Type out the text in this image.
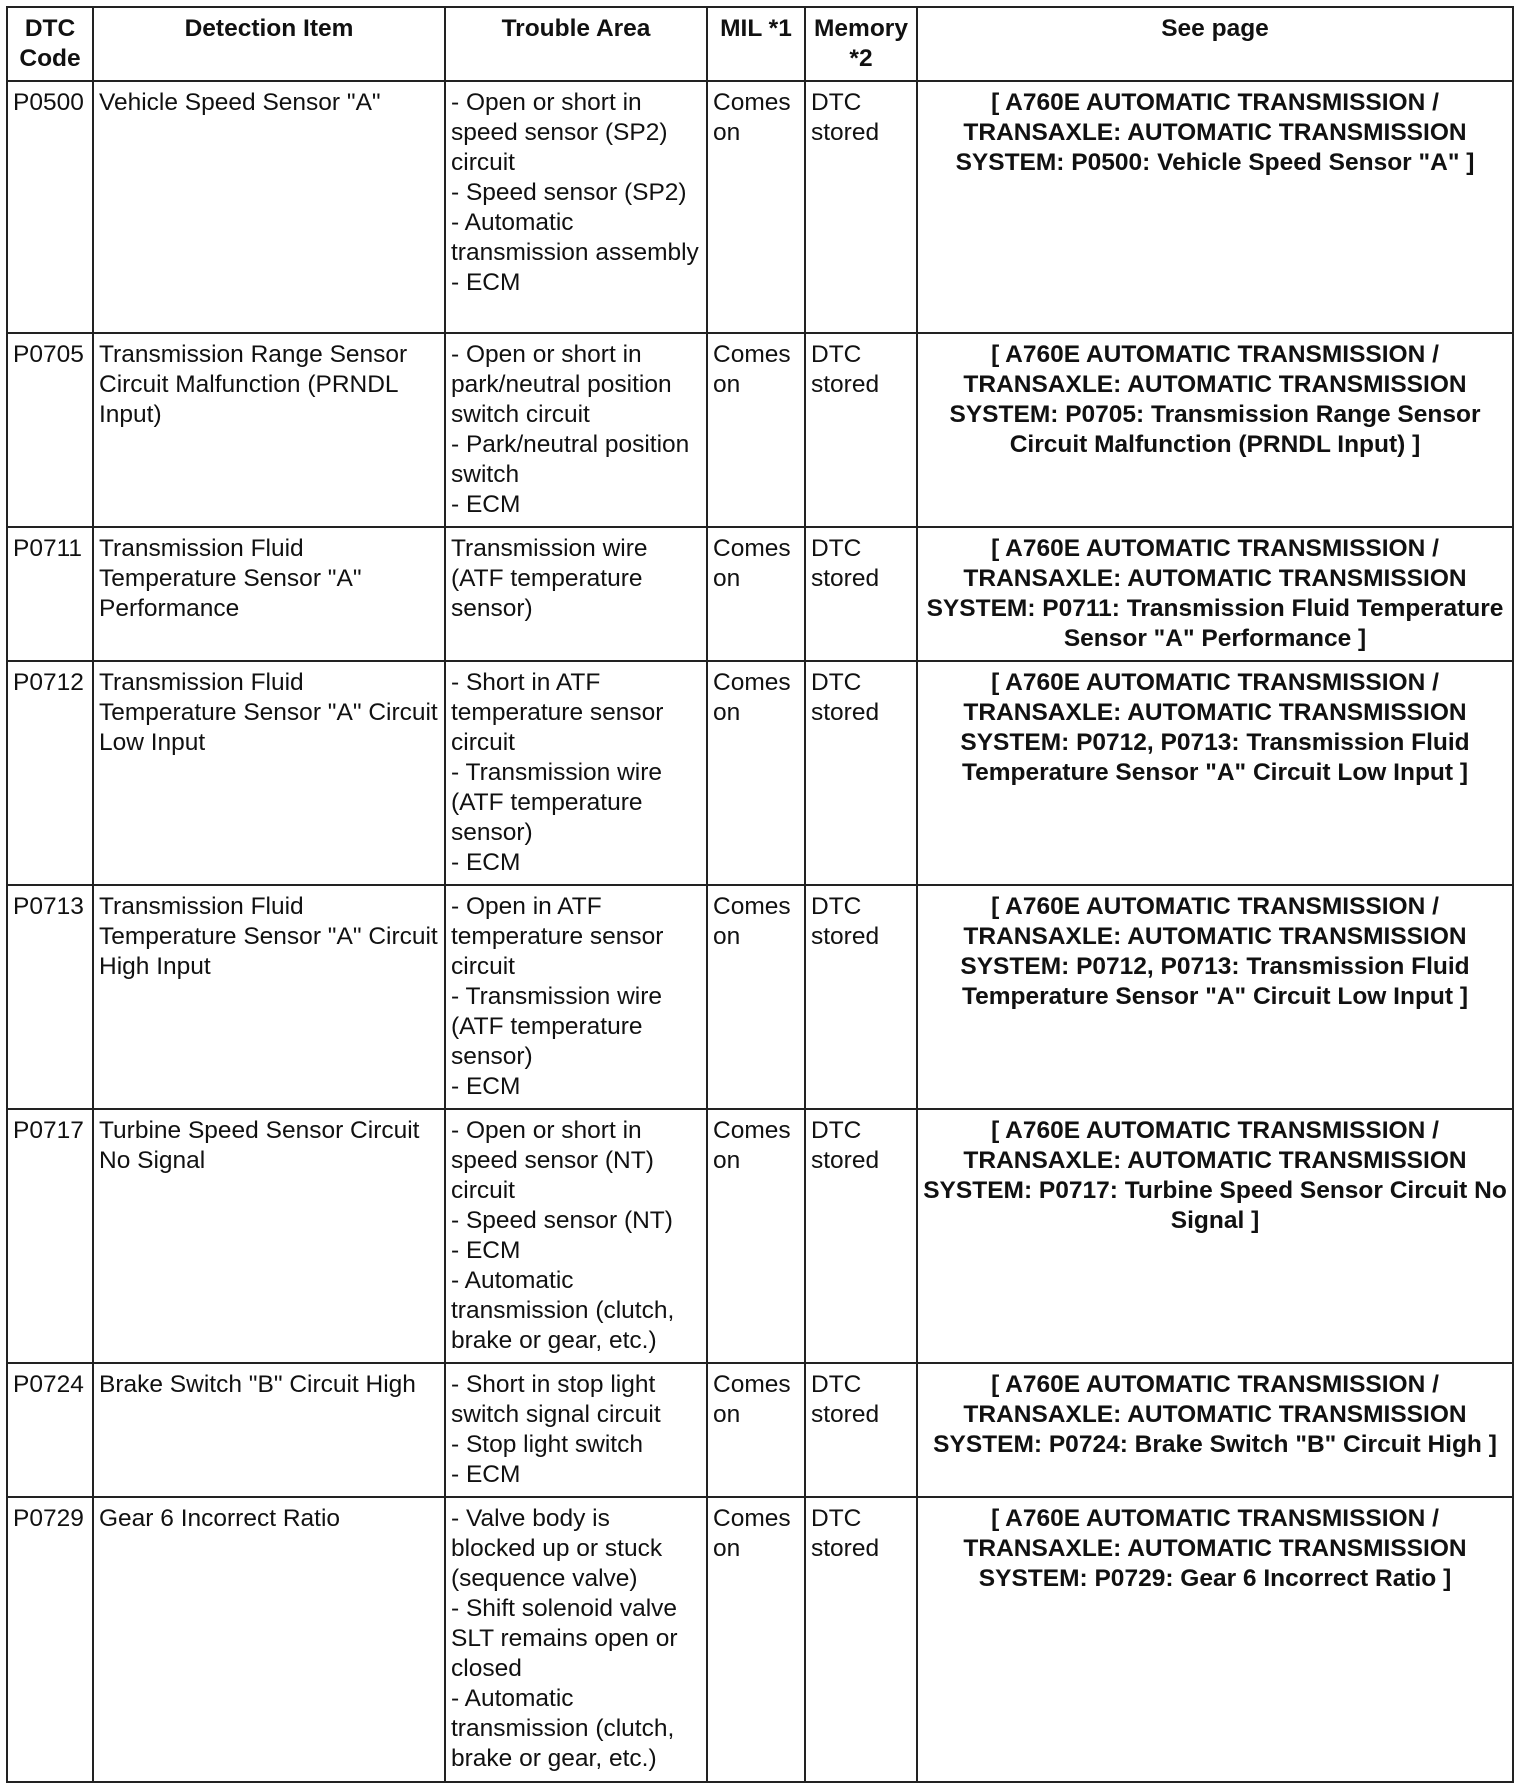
DTC Code	Detection Item	Trouble Area	MIL *1	Memory *2	See page
P0500	Vehicle Speed Sensor "A"	- Open or short in speed sensor (SP2) circuit
- Speed sensor (SP2)
- Automatic transmission assembly
- ECM	Comes on	DTC stored	[ A760E AUTOMATIC TRANSMISSION / TRANSAXLE: AUTOMATIC TRANSMISSION SYSTEM: P0500: Vehicle Speed Sensor "A" ]
P0705	Transmission Range Sensor Circuit Malfunction (PRNDL Input)	- Open or short in park/neutral position switch circuit
- Park/neutral position switch
- ECM	Comes on	DTC stored	[ A760E AUTOMATIC TRANSMISSION / TRANSAXLE: AUTOMATIC TRANSMISSION SYSTEM: P0705: Transmission Range Sensor Circuit Malfunction (PRNDL Input) ]
P0711	Transmission Fluid Temperature Sensor "A" Performance	Transmission wire (ATF temperature sensor)	Comes on	DTC stored	[ A760E AUTOMATIC TRANSMISSION / TRANSAXLE: AUTOMATIC TRANSMISSION SYSTEM: P0711: Transmission Fluid Temperature Sensor "A" Performance ]
P0712	Transmission Fluid Temperature Sensor "A" Circuit Low Input	- Short in ATF temperature sensor circuit
- Transmission wire (ATF temperature sensor)
- ECM	Comes on	DTC stored	[ A760E AUTOMATIC TRANSMISSION / TRANSAXLE: AUTOMATIC TRANSMISSION SYSTEM: P0712, P0713: Transmission Fluid Temperature Sensor "A" Circuit Low Input ]
P0713	Transmission Fluid Temperature Sensor "A" Circuit High Input	- Open in ATF temperature sensor circuit
- Transmission wire (ATF temperature sensor)
- ECM	Comes on	DTC stored	[ A760E AUTOMATIC TRANSMISSION / TRANSAXLE: AUTOMATIC TRANSMISSION SYSTEM: P0712, P0713: Transmission Fluid Temperature Sensor "A" Circuit Low Input ]
P0717	Turbine Speed Sensor Circuit No Signal	- Open or short in speed sensor (NT) circuit
- Speed sensor (NT)
- ECM
- Automatic transmission (clutch, brake or gear, etc.)	Comes on	DTC stored	[ A760E AUTOMATIC TRANSMISSION / TRANSAXLE: AUTOMATIC TRANSMISSION SYSTEM: P0717: Turbine Speed Sensor Circuit No Signal ]
P0724	Brake Switch "B" Circuit High	- Short in stop light switch signal circuit
- Stop light switch
- ECM	Comes on	DTC stored	[ A760E AUTOMATIC TRANSMISSION / TRANSAXLE: AUTOMATIC TRANSMISSION SYSTEM: P0724: Brake Switch "B" Circuit High ]
P0729	Gear 6 Incorrect Ratio	- Valve body is blocked up or stuck (sequence valve)
- Shift solenoid valve SLT remains open or closed
- Automatic transmission (clutch, brake or gear, etc.)	Comes on	DTC stored	[ A760E AUTOMATIC TRANSMISSION / TRANSAXLE: AUTOMATIC TRANSMISSION SYSTEM: P0729: Gear 6 Incorrect Ratio ]
